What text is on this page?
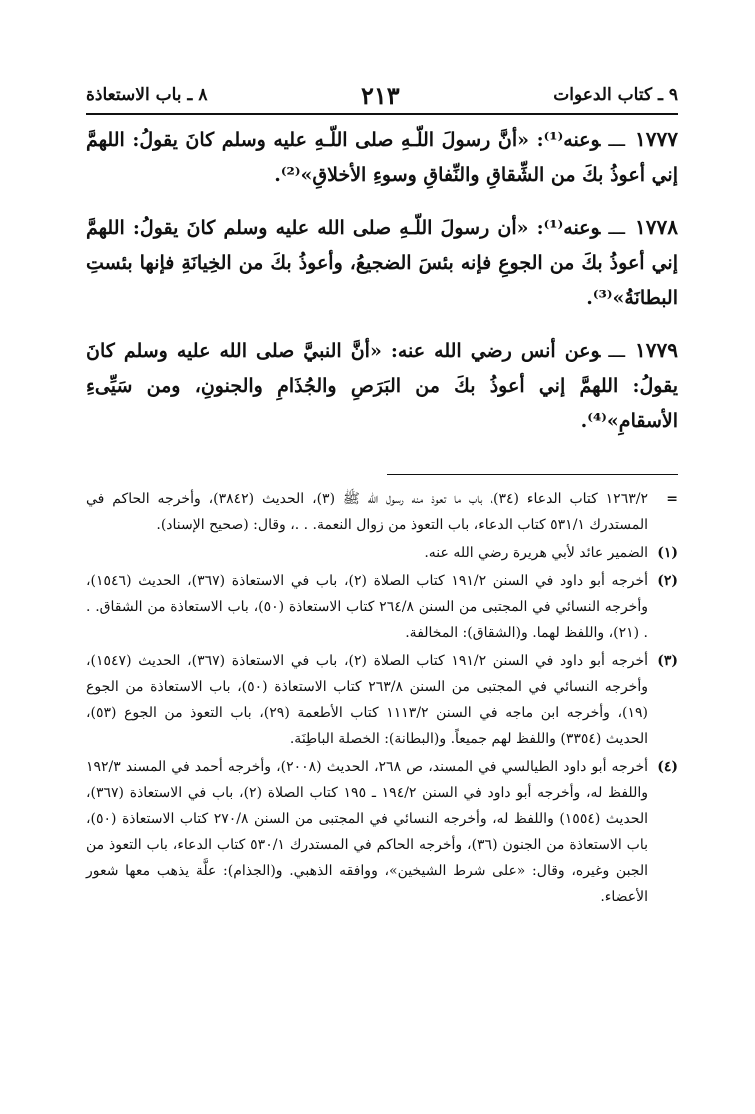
٩ ـ كتاب الدعوات
٢١٣
٨ ـ باب الاستعاذة

١٧٧٧ـــوعنه⁽¹⁾: «أنَّ رسولَ اللّـهِ صلى اللّـهِ عليه وسلم كانَ يقولُ: اللهمَّ إني أعوذُ بكَ من الشِّقاقِ والنِّفاقِ وسوءِ الأخلاقِ»⁽²⁾.

١٧٧٨ـــوعنه⁽¹⁾: «أن رسولَ اللّـهِ صلى الله عليه وسلم كانَ يقولُ: اللهمَّ إني أعوذُ بكَ من الجوعِ فإنه بئسَ الضجيعُ، وأعوذُ بكَ من الخِيانَةِ فإنها بئستِ البطانَةُ»⁽³⁾.

١٧٧٩ـــوعن أنس رضي الله عنه: «أنَّ النبيَّ صلى الله عليه وسلم كانَ يقولُ: اللهمَّ إني أعوذُ بكَ من البَرَصِ والجُذَامِ والجنونِ، ومن سَيِّىءِ الأسقامِ»⁽⁴⁾.

=
١٢٦٣/٢ كتاب الدعاء (٣٤)، باب ما تعوذ منه رسول الله ﷺ (٣)، الحديث (٣٨٤٢)، وأخرجه الحاكم في المستدرك ٥٣١/١ كتاب الدعاء، باب التعوذ من زوال النعمة. . .، وقال: (صحيح الإسناد).
(١)
الضمير عائد لأبي هريرة رضي الله عنه.
(٢)
أخرجه أبو داود في السنن ١٩١/٢ كتاب الصلاة (٢)، باب في الاستعاذة (٣٦٧)، الحديث (١٥٤٦)، وأخرجه النسائي في المجتبى من السنن ٢٦٤/٨ كتاب الاستعاذة (٥٠)، باب الاستعاذة من الشقاق. . . (٢١)، واللفظ لهما. و(الشقاق): المخالفة.
(٣)
أخرجه أبو داود في السنن ١٩١/٢ كتاب الصلاة (٢)، باب في الاستعاذة (٣٦٧)، الحديث (١٥٤٧)، وأخرجه النسائي في المجتبى من السنن ٢٦٣/٨ كتاب الاستعاذة (٥٠)، باب الاستعاذة من الجوع (١٩)، وأخرجه ابن ماجه في السنن ١١١٣/٢ كتاب الأطعمة (٢٩)، باب التعوذ من الجوع (٥٣)، الحديث (٣٣٥٤) واللفظ لهم جميعاً. و(البطانة): الخصلة الباطِنَة.
(٤)
أخرجه أبو داود الطيالسي في المسند، ص ٢٦٨، الحديث (٢٠٠٨)، وأخرجه أحمد في المسند ١٩٢/٣ واللفظ له، وأخرجه أبو داود في السنن ١٩٤/٢ ـ ١٩٥ كتاب الصلاة (٢)، باب في الاستعاذة (٣٦٧)، الحديث (١٥٥٤) واللفظ له، وأخرجه النسائي في المجتبى من السنن ٢٧٠/٨ كتاب الاستعاذة (٥٠)، باب الاستعاذة من الجنون (٣٦)، وأخرجه الحاكم في المستدرك ٥٣٠/١ كتاب الدعاء، باب التعوذ من الجبن وغيره، وقال: «على شرط الشيخين»، ووافقه الذهبي. و(الجذام): علَّة يذهب معها شعور الأعضاء.
